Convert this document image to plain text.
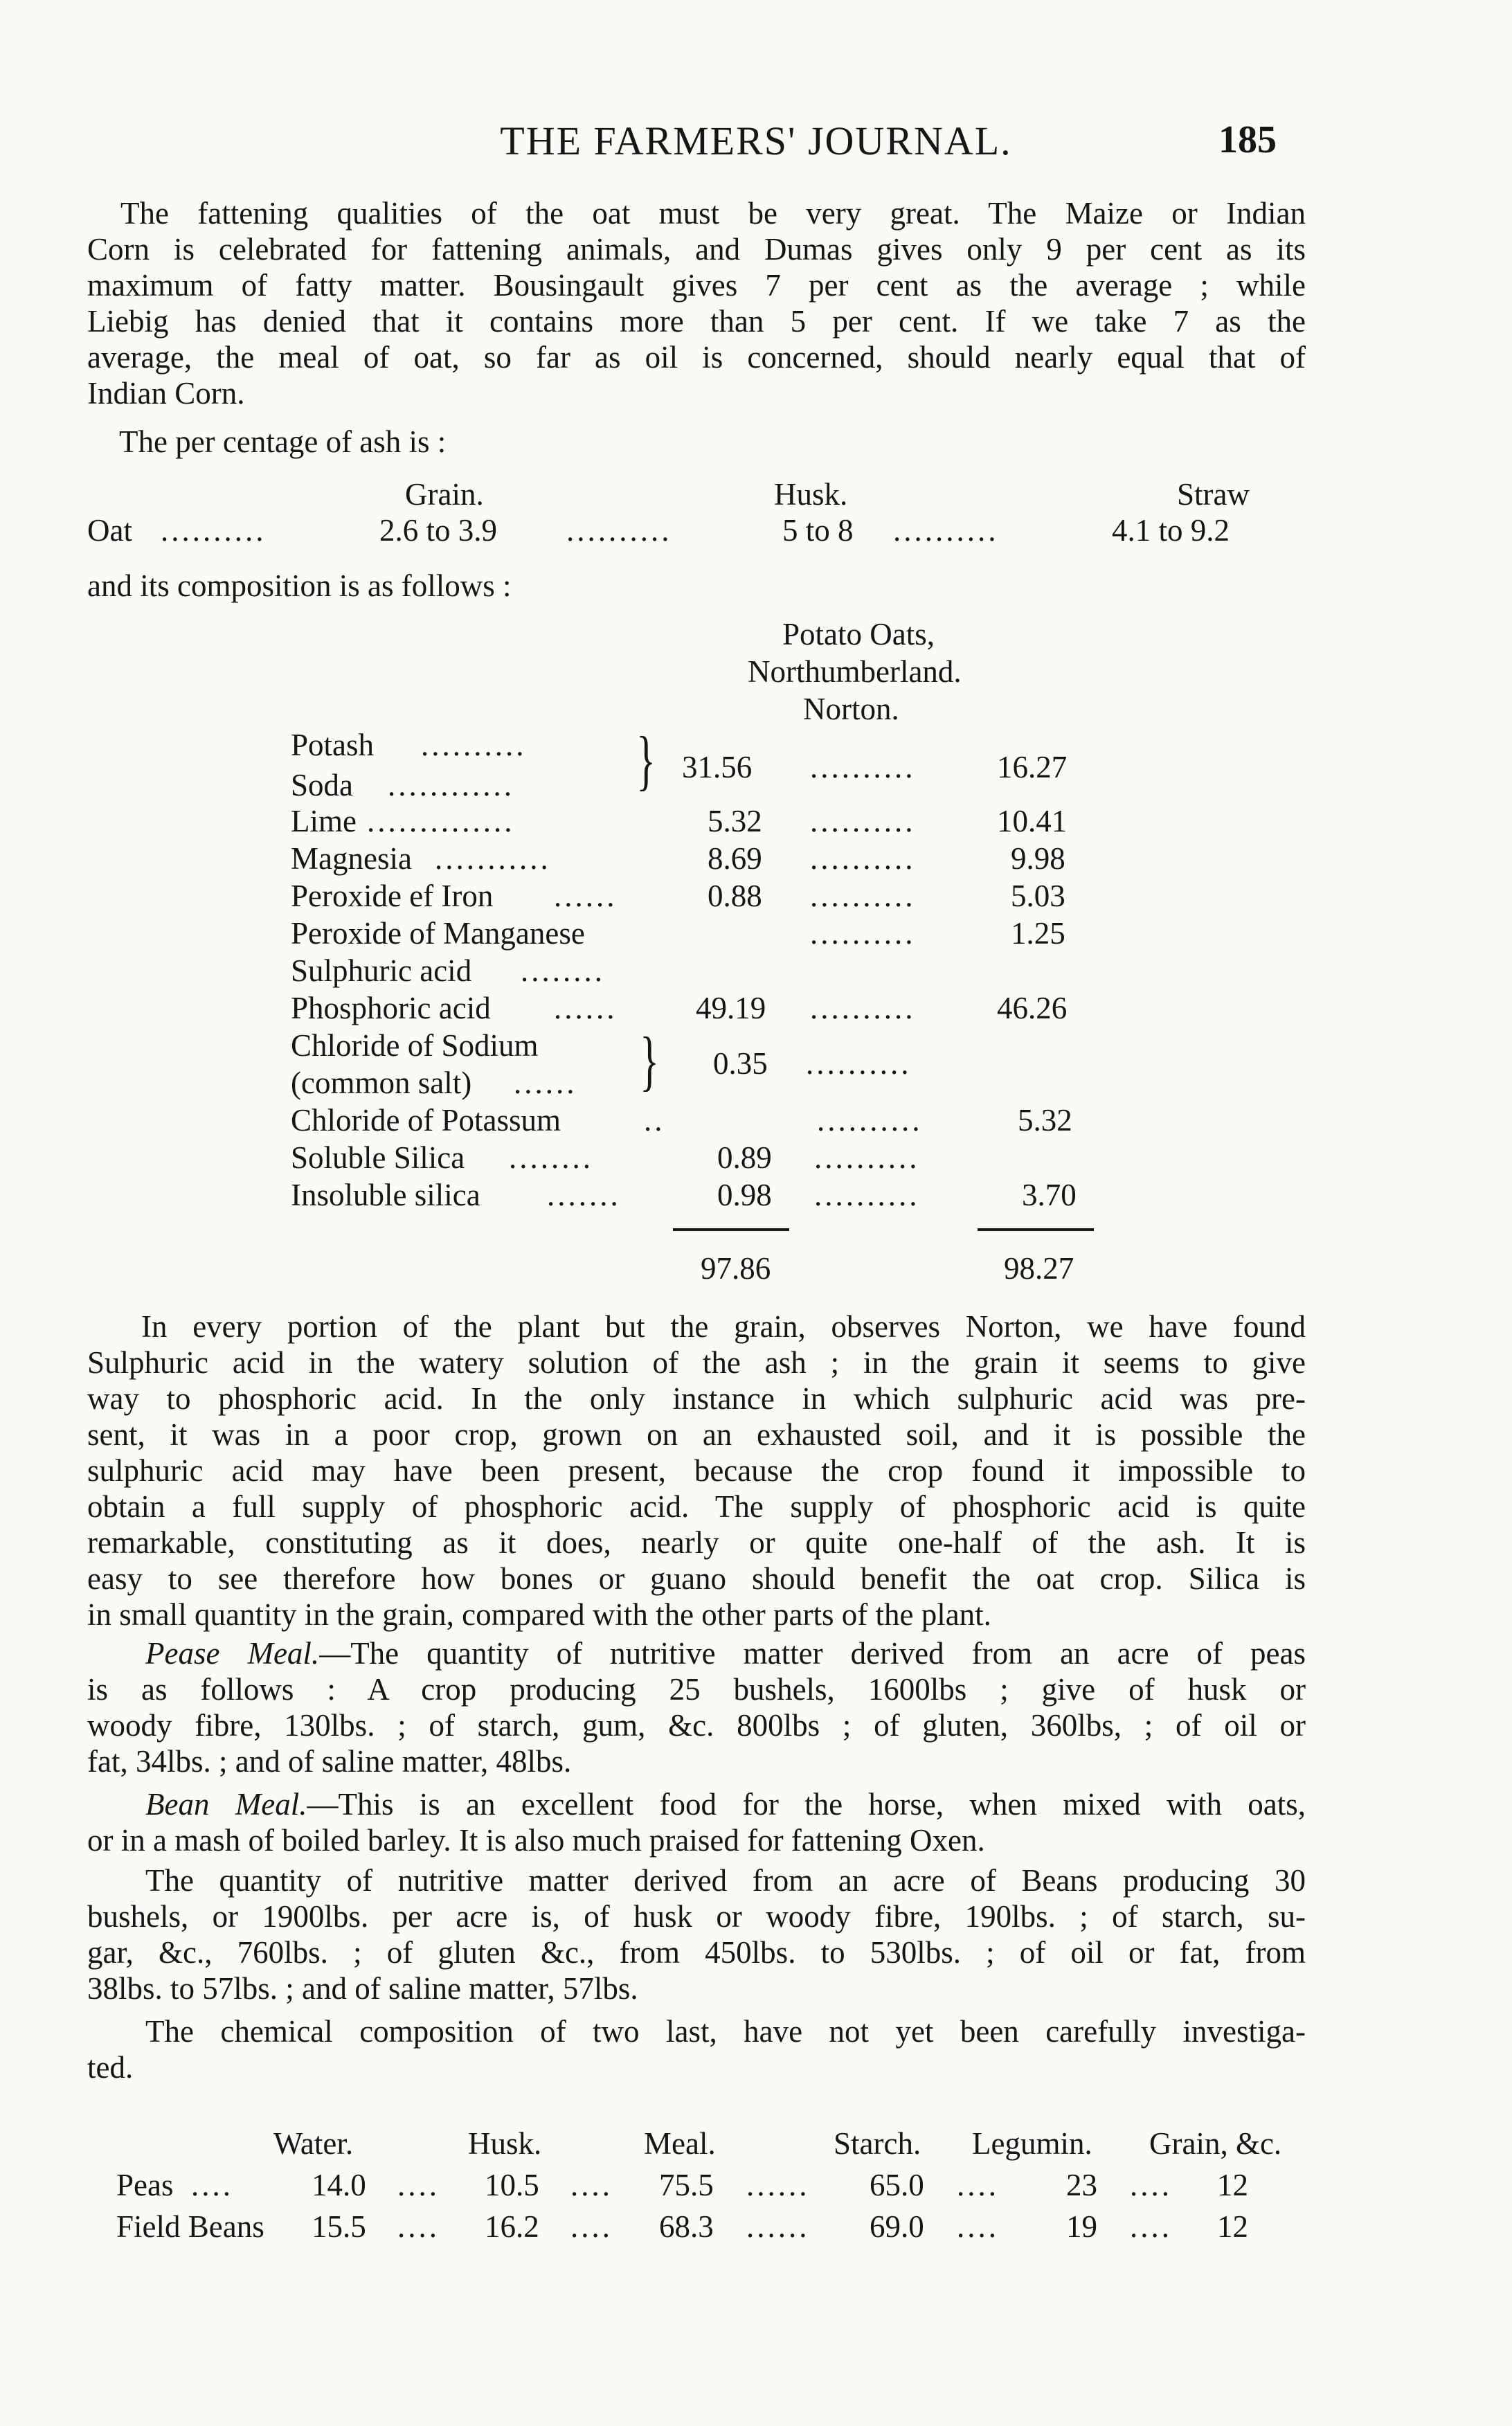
THE FARMERS' JOURNAL.	185

The fattening qualities of the oat must be very great. The Maize or Indian
Corn is celebrated for fattening animals, and Dumas gives only 9 per cent as its
maximum of fatty matter. Bousingault gives 7 per cent as the average ; while
Liebig has denied that it contains more than 5 per cent. If we take 7 as the
average, the meal of oat, so far as oil is concerned, should nearly equal that of
Indian Corn.

The per centage of ash is :
Grain.	Husk.	Straw
Oat ..........	2.6 to 3.9 ..........	5 to 8 ..........	4.1 to 9.2
and its composition is as follows :
Potato Oats,
Northumberland.
Norton.
Potash ..........
Soda ............ } 31.56 ..........	16.27
Lime ..............	5.32 ..........	10.41
Magnesia ...........	8.69 ..........	9.98
Peroxide ef Iron ......	0.88 ..........	5.03
Peroxide of Manganese	..........	1.25
Sulphuric acid ........
Phosphoric acid ......	49.19 ..........	46.26
Chloride of Sodium
(common salt) ...... } 0.35 ..........
Chloride of Potassum	..	..........	5.32
Soluble Silica ........	0.89 ..........
Insoluble silica .......	0.98 ..........	3.70
97.86	98.27

In every portion of the plant but the grain, observes Norton, we have found
Sulphuric acid in the watery solution of the ash ; in the grain it seems to give
way to phosphoric acid. In the only instance in which sulphuric acid was pre-
sent, it was in a poor crop, grown on an exhausted soil, and it is possible the
sulphuric acid may have been present, because the crop found it impossible to
obtain a full supply of phosphoric acid. The supply of phosphoric acid is quite
remarkable, constituting as it does, nearly or quite one-half of the ash. It is
easy to see therefore how bones or guano should benefit the oat crop. Silica is
in small quantity in the grain, compared with the other parts of the plant.

Pease Meal.—The quantity of nutritive matter derived from an acre of peas
is as follows : A crop producing 25 bushels, 1600lbs ; give of husk or
woody fibre, 130lbs. ; of starch, gum, &c. 800lbs ; of gluten, 360lbs, ; of oil or
fat, 34lbs. ; and of saline matter, 48lbs.

Bean Meal.—This is an excellent food for the horse, when mixed with oats,
or in a mash of boiled barley. It is also much praised for fattening Oxen.

The quantity of nutritive matter derived from an acre of Beans producing 30
bushels, or 1900lbs. per acre is, of husk or woody fibre, 190lbs. ; of starch, su-
gar, &c., 760lbs. ; of gluten &c., from 450lbs. to 530lbs. ; of oil or fat, from
38lbs. to 57lbs. ; and of saline matter, 57lbs.

The chemical composition of two last, have not yet been carefully investiga-
ted.

Water.	Husk.	Meal.	Starch. Legumin. Grain, &c.
Peas ....	14.0 .... 10.5 .... 75.5 ...... 65.0 .... 23 .... 12
Field Beans 15.5 .... 16.2 .... 68.3 ...... 69.0 .... 19 .... 12
